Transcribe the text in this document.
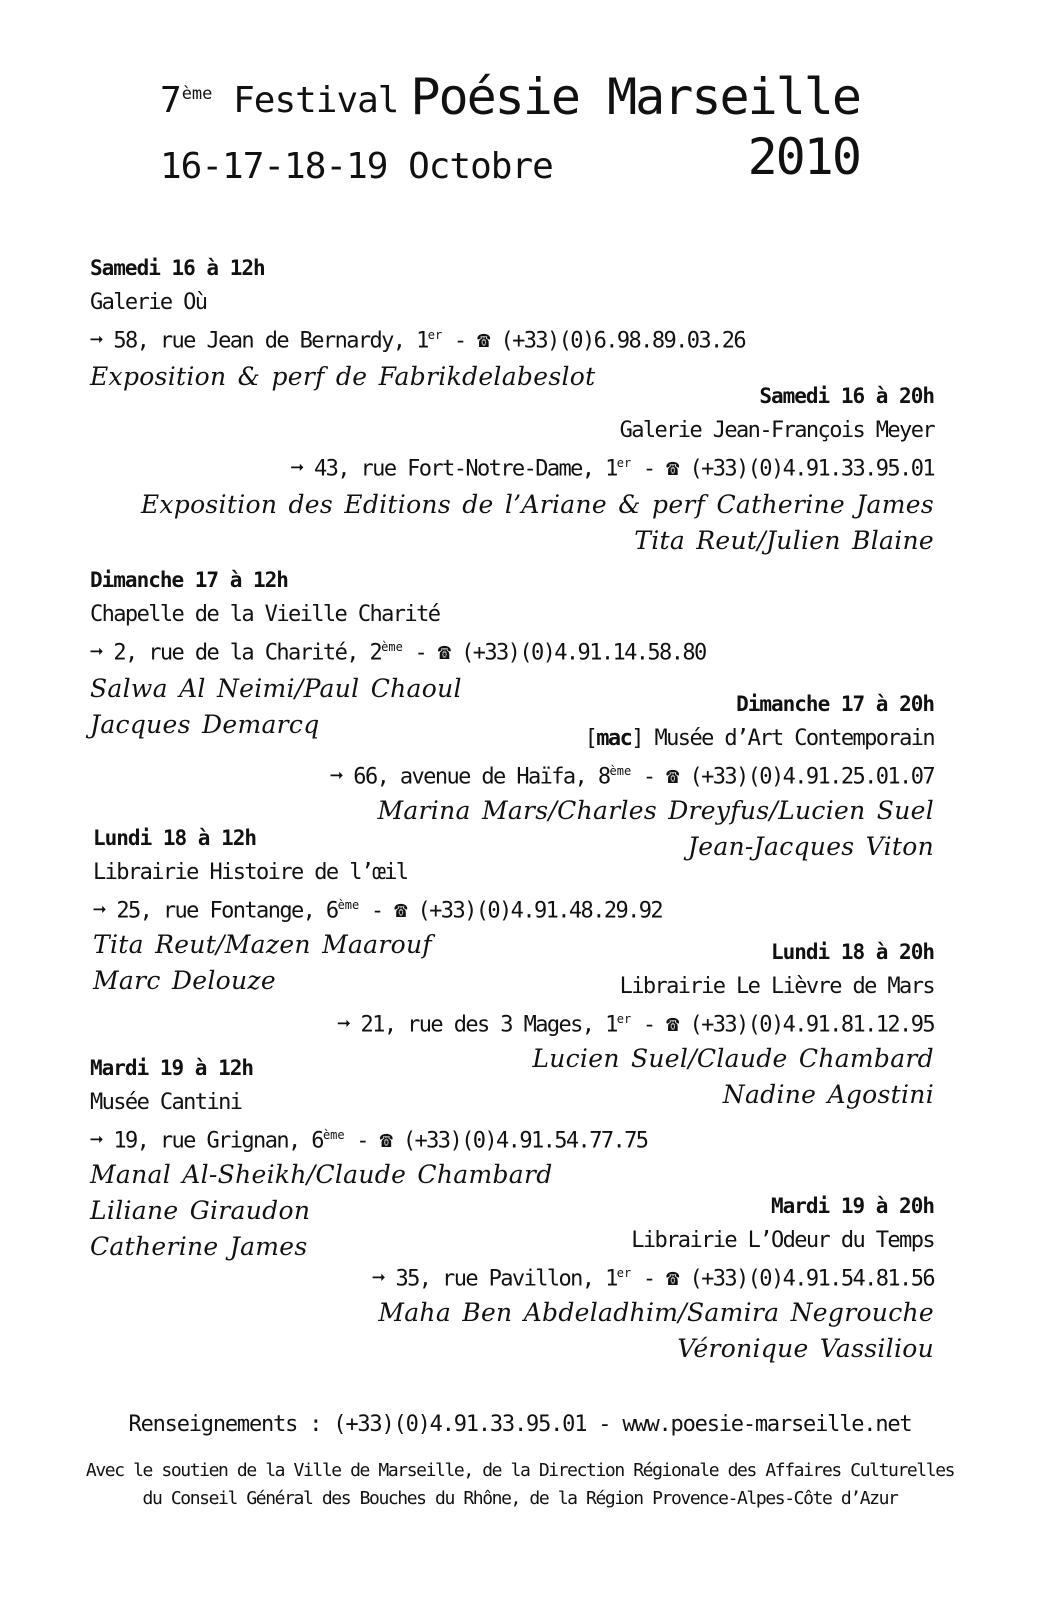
7ème Festival Poésie Marseille
16-17-18-19 Octobre	2010
Samedi 16 à 12h
Galerie Où
➞ 58, rue Jean de Bernardy, 1er - ☎ (+33)(0)6.98.89.03.26
Exposition & perf de Fabrikdelabeslot
Samedi 16 à 20h
Galerie Jean-François Meyer
➞ 43, rue Fort-Notre-Dame, 1er - ☎ (+33)(0)4.91.33.95.01
Exposition des Editions de l’Ariane & perf Catherine James
Tita Reut/Julien Blaine
Dimanche 17 à 12h
Chapelle de la Vieille Charité
➞ 2, rue de la Charité, 2ème - ☎ (+33)(0)4.91.14.58.80
Salwa Al Neimi/Paul Chaoul
Jacques Demarcq
Dimanche 17 à 20h
[mac] Musée d’Art Contemporain
➞ 66, avenue de Haïfa, 8ème - ☎ (+33)(0)4.91.25.01.07
Marina Mars/Charles Dreyfus/Lucien Suel
Jean-Jacques Viton
Lundi 18 à 12h
Librairie Histoire de l’œil
➞ 25, rue Fontange, 6ème - ☎ (+33)(0)4.91.48.29.92
Tita Reut/Mazen Maarouf
Marc Delouze
Lundi 18 à 20h
Librairie Le Lièvre de Mars
➞ 21, rue des 3 Mages, 1er - ☎ (+33)(0)4.91.81.12.95
Lucien Suel/Claude Chambard
Nadine Agostini
Mardi 19 à 12h
Musée Cantini
➞ 19, rue Grignan, 6ème - ☎ (+33)(0)4.91.54.77.75
Manal Al-Sheikh/Claude Chambard
Liliane Giraudon
Catherine James
Mardi 19 à 20h
Librairie L’Odeur du Temps
➞ 35, rue Pavillon, 1er - ☎ (+33)(0)4.91.54.81.56
Maha Ben Abdeladhim/Samira Negrouche
Véronique Vassiliou
Renseignements : (+33)(0)4.91.33.95.01 - www.poesie-marseille.net
Avec le soutien de la Ville de Marseille, de la Direction Régionale des Affaires Culturelles
du Conseil Général des Bouches du Rhône, de la Région Provence-Alpes-Côte d’Azur
